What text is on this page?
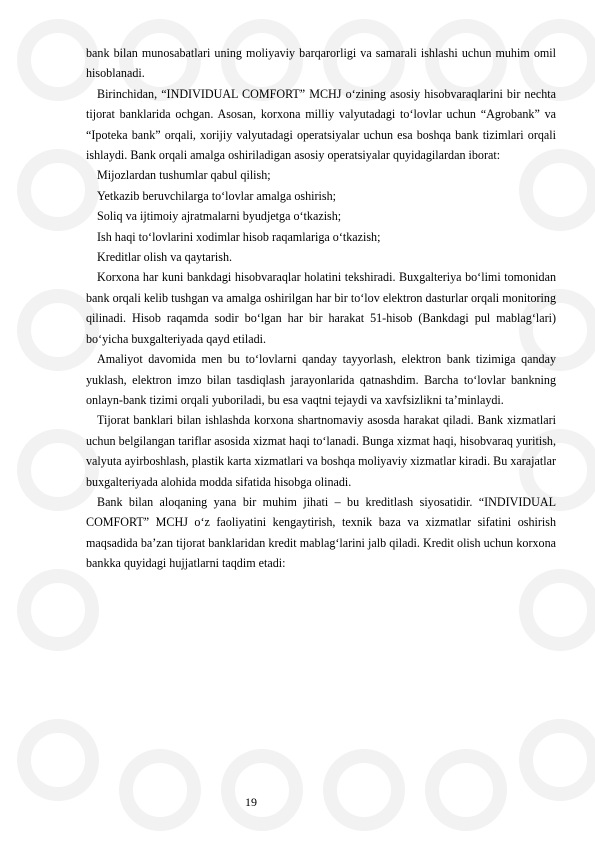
bank bilan munosabatlari uning moliyaviy barqarorligi va samarali ishlashi uchun muhim omil hisoblanadi.

Birinchidan, “INDIVIDUAL COMFORT” MCHJ o‘zining asosiy hisobvaraqlarini bir nechta tijorat banklarida ochgan. Asosan, korxona milliy valyutadagi to‘lovlar uchun “Agrobank” va “Ipoteka bank” orqali, xorijiy valyutadagi operatsiyalar uchun esa boshqa bank tizimlari orqali ishlaydi. Bank orqali amalga oshiriladigan asosiy operatsiyalar quyidagilardan iborat:

Mijozlardan tushumlar qabul qilish;

Yetkazib beruvchilarga to‘lovlar amalga oshirish;

Soliq va ijtimoiy ajratmalarni byudjetga o‘tkazish;

Ish haqi to‘lovlarini xodimlar hisob raqamlariga o‘tkazish;

Kreditlar olish va qaytarish.

Korxona har kuni bankdagi hisobvaraqlar holatini tekshiradi. Buxgalteriya bo‘limi tomonidan bank orqali kelib tushgan va amalga oshirilgan har bir to‘lov elektron dasturlar orqali monitoring qilinadi. Hisob raqamda sodir bo‘lgan har bir harakat 51-hisob (Bankdagi pul mablag‘lari) bo‘yicha buxgalteriyada qayd etiladi.

Amaliyot davomida men bu to‘lovlarni qanday tayyorlash, elektron bank tizimiga qanday yuklash, elektron imzo bilan tasdiqlash jarayonlarida qatnashdim. Barcha to‘lovlar bankning onlayn-bank tizimi orqali yuboriladi, bu esa vaqtni tejaydi va xavfsizlikni ta’minlaydi.

Tijorat banklari bilan ishlashda korxona shartnomaviy asosda harakat qiladi. Bank xizmatlari uchun belgilangan tariflar asosida xizmat haqi to‘lanadi. Bunga xizmat haqi, hisobvaraq yuritish, valyuta ayirboshlash, plastik karta xizmatlari va boshqa moliyaviy xizmatlar kiradi. Bu xarajatlar buxgalteriyada alohida modda sifatida hisobga olinadi.

Bank bilan aloqaning yana bir muhim jihati – bu kreditlash siyosatidir. “INDIVIDUAL COMFORT” MCHJ o‘z faoliyatini kengaytirish, texnik baza va xizmatlar sifatini oshirish maqsadida ba’zan tijorat banklaridan kredit mablag‘larini jalb qiladi. Kredit olish uchun korxona bankka quyidagi hujjatlarni taqdim etadi:

19
